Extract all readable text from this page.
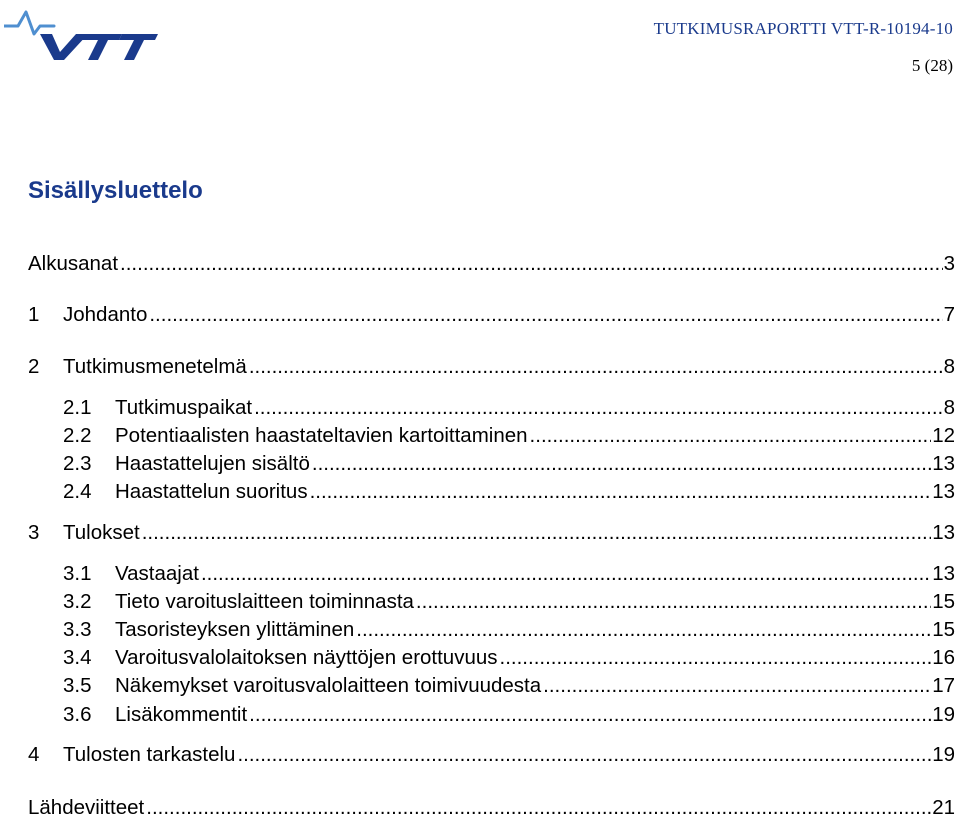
TUTKIMUSRAPORTTI VTT-R-10194-10
5 (28)
Sisällysluettelo
Alkusanat .....	3
1	Johdanto .....	7
2	Tutkimusmenetelmä .....	8
2.1	Tutkimuspaikat .....	8
2.2	Potentiaalisten haastateltavien kartoittaminen .....	12
2.3	Haastattelujen sisältö .....	13
2.4	Haastattelun suoritus .....	13
3	Tulokset .....	13
3.1	Vastaajat .....	13
3.2	Tieto varoituslaitteen toiminnasta .....	15
3.3	Tasoristeyksen ylittäminen .....	15
3.4	Varoitusvalolaitoksen näyttöjen erottuvuus .....	16
3.5	Näkemykset varoitusvalolaitteen toimivuudesta .....	17
3.6	Lisäkommentit .....	19
4	Tulosten tarkastelu .....	19
Lähdeviitteet .....	21
